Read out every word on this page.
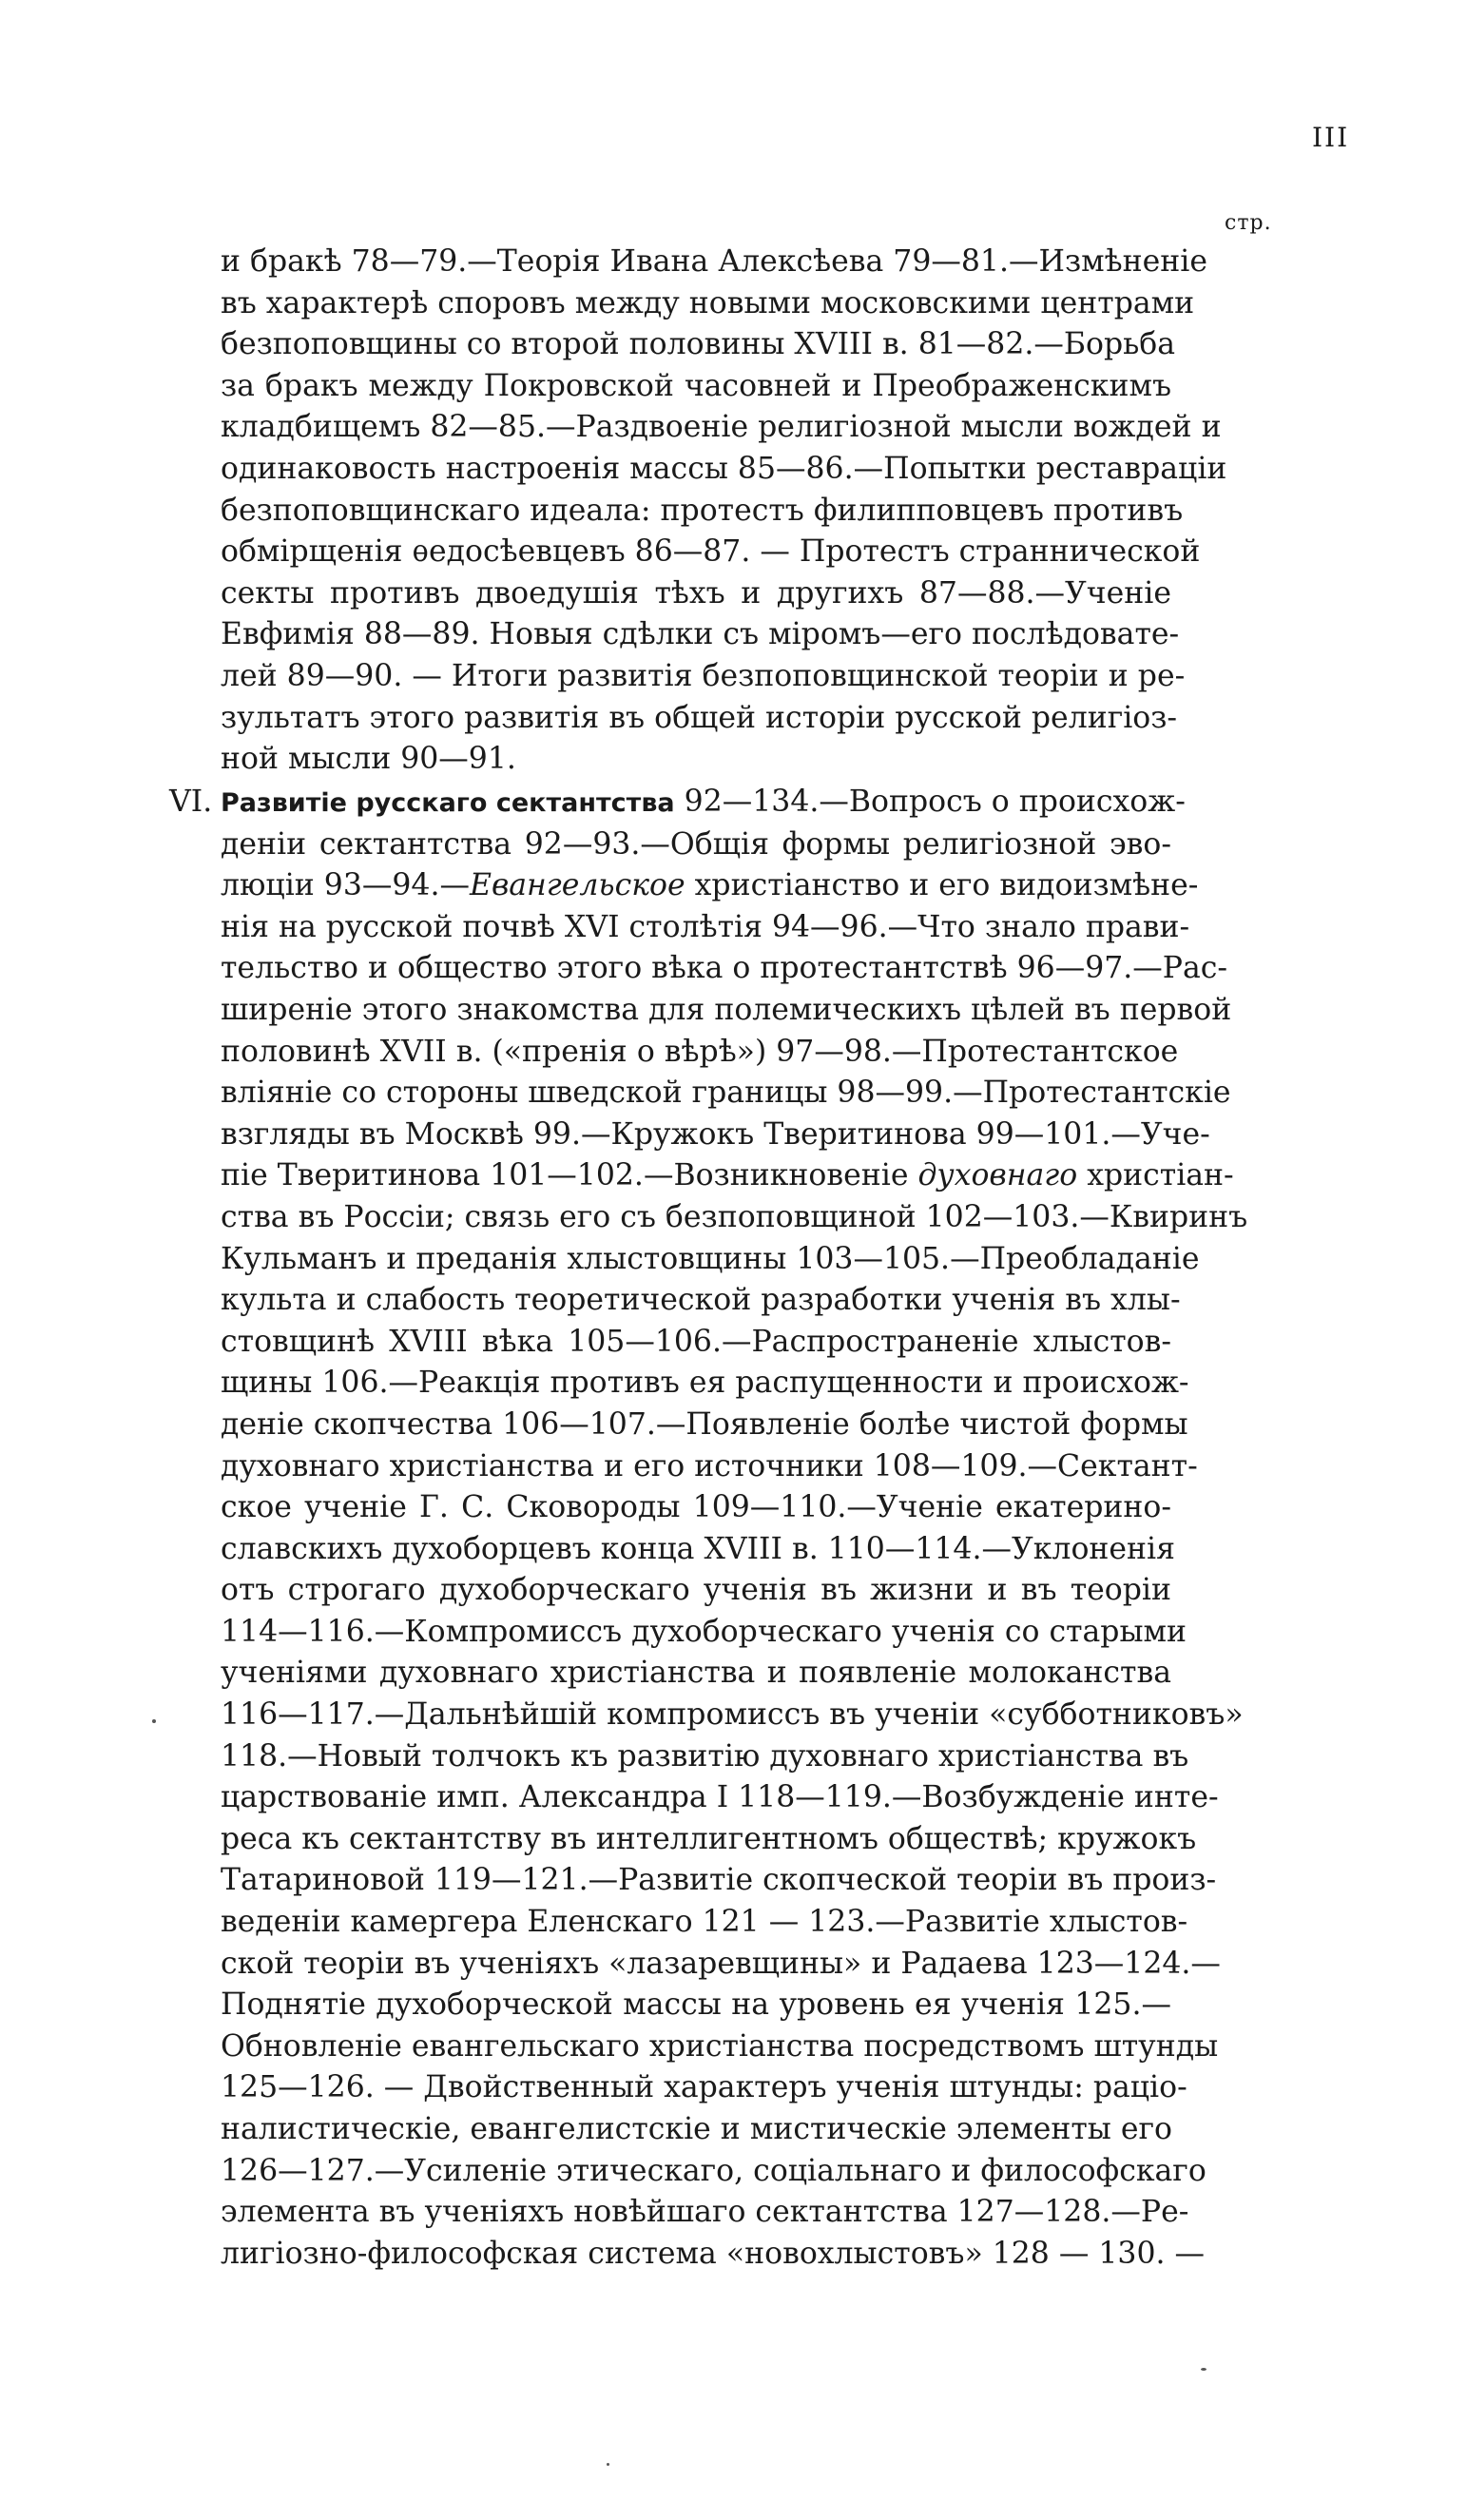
III
стр.
и бракѣ 78—79.—Теорія Ивана Алексѣева 79—81.—Измѣненіе
въ характерѣ споровъ между новыми московскими центрами
безпоповщины со второй половины XVIII в. 81—82.—Борьба
за бракъ между Покровской часовней и Преображенскимъ
кладбищемъ 82—85.—Раздвоеніе религіозной мысли вождей и
одинаковость настроенія массы 85—86.—Попытки реставраціи
безпоповщинскаго идеала: протестъ филипповцевъ противъ
обмірщенія ѳедосѣевцевъ 86—87. — Протестъ страннической
секты противъ двоедушія тѣхъ и другихъ 87—88.—Ученіе
Евфимія 88—89. Новыя сдѣлки съ міромъ—его послѣдовате-
лей 89—90. — Итоги развитія безпоповщинской теоріи и ре-
зультатъ этого развитія въ общей исторіи русской религіоз-
ной мысли 90—91.
VI. Развитіе русскаго сектантства 92—134.—Вопросъ о происхож-
деніи сектантства 92—93.—Общія формы религіозной эво-
люціи 93—94.—Евангельское христіанство и его видоизмѣне-
нія на русской почвѣ XVI столѣтія 94—96.—Что знало прави-
тельство и общество этого вѣка о протестантствѣ 96—97.—Рас-
ширеніе этого знакомства для полемическихъ цѣлей въ первой
половинѣ XVII в. («пренія о вѣрѣ») 97—98.—Протестантское
вліяніе со стороны шведской границы 98—99.—Протестантскіе
взгляды въ Москвѣ 99.—Кружокъ Тверитинова 99—101.—Уче-
піе Тверитинова 101—102.—Возникновеніе духовнаго христіан-
ства въ Россіи; связь его съ безпоповщиной 102—103.—Квиринъ
Кульманъ и преданія хлыстовщины 103—105.—Преобладаніе
культа и слабость теоретической разработки ученія въ хлы-
стовщинѣ XVIII вѣка 105—106.—Распространеніе хлыстов-
щины 106.—Реакція противъ ея распущенности и происхож-
деніе скопчества 106—107.—Появленіе болѣе чистой формы
духовнаго христіанства и его источники 108—109.—Сектант-
ское ученіе Г. С. Сковороды 109—110.—Ученіе екатерино-
славскихъ духоборцевъ конца XVIII в. 110—114.—Уклоненія
отъ строгаго духоборческаго ученія въ жизни и въ теоріи
114—116.—Компромиссъ духоборческаго ученія со старыми
ученіями духовнаго христіанства и появленіе молоканства
116—117.—Дальнѣйшій компромиссъ въ ученіи «субботниковъ»
118.—Новый толчокъ къ развитію духовнаго христіанства въ
царствованіе имп. Александра I 118—119.—Возбужденіе инте-
реса къ сектантству въ интеллигентномъ обществѣ; кружокъ
Татариновой 119—121.—Развитіе скопческой теоріи въ произ-
веденіи камергера Еленскаго 121 — 123.—Развитіе хлыстов-
ской теоріи въ ученіяхъ «лазаревщины» и Радаева 123—124.—
Поднятіе духоборческой массы на уровень ея ученія 125.—
Обновленіе евангельскаго христіанства посредствомъ штунды
125—126. — Двойственный характеръ ученія штунды: раціо-
налистическіе, евангелистскіе и мистическіе элементы его
126—127.—Усиленіе этическаго, соціальнаго и философскаго
элемента въ ученіяхъ новѣйшаго сектантства 127—128.—Ре-
лигіозно-философская система «новохлыстовъ» 128 — 130. —
